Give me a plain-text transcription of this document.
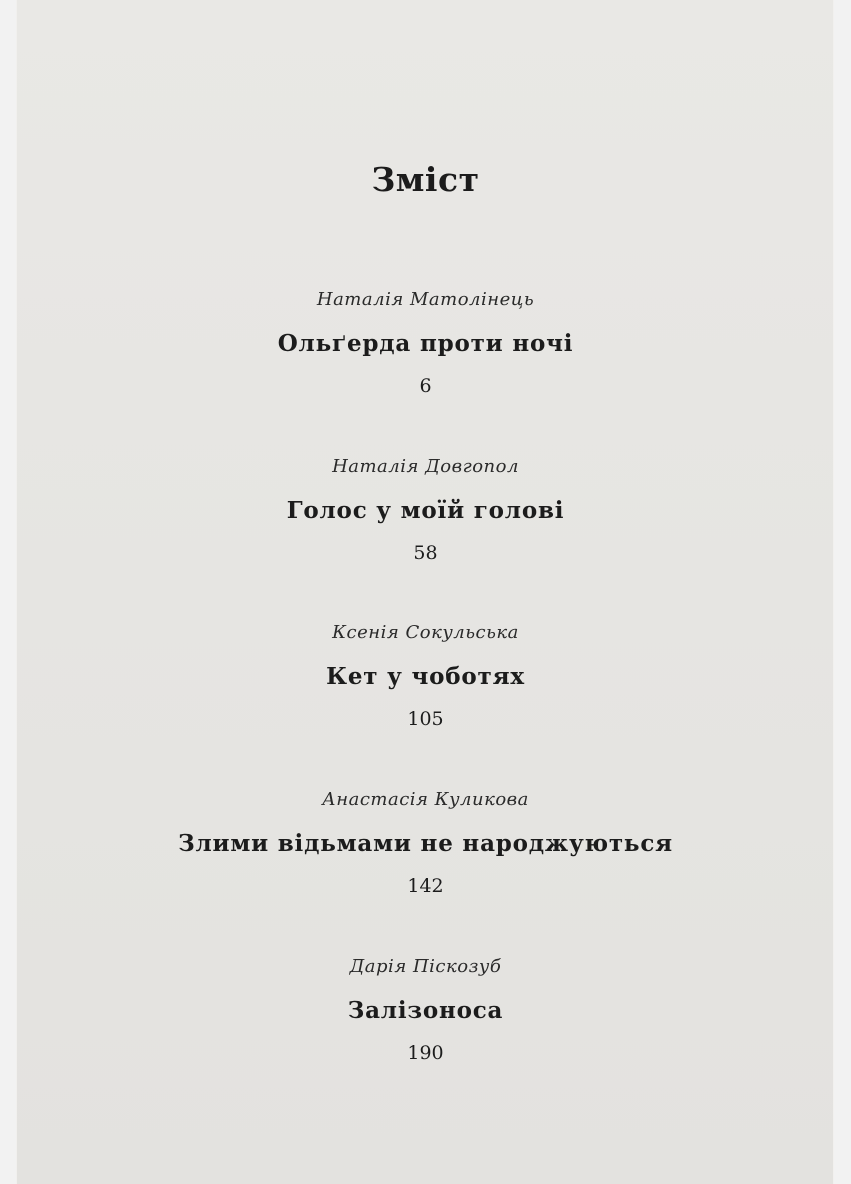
Зміст
Наталія Матолінець
Ольґерда проти ночі
6
Наталія Довгопол
Голос у моїй голові
58
Ксенія Сокульська
Кет у чоботях
105
Анастасія Куликова
Злими відьмами не народжуються
142
Дарія Піскозуб
Залізоноса
190
